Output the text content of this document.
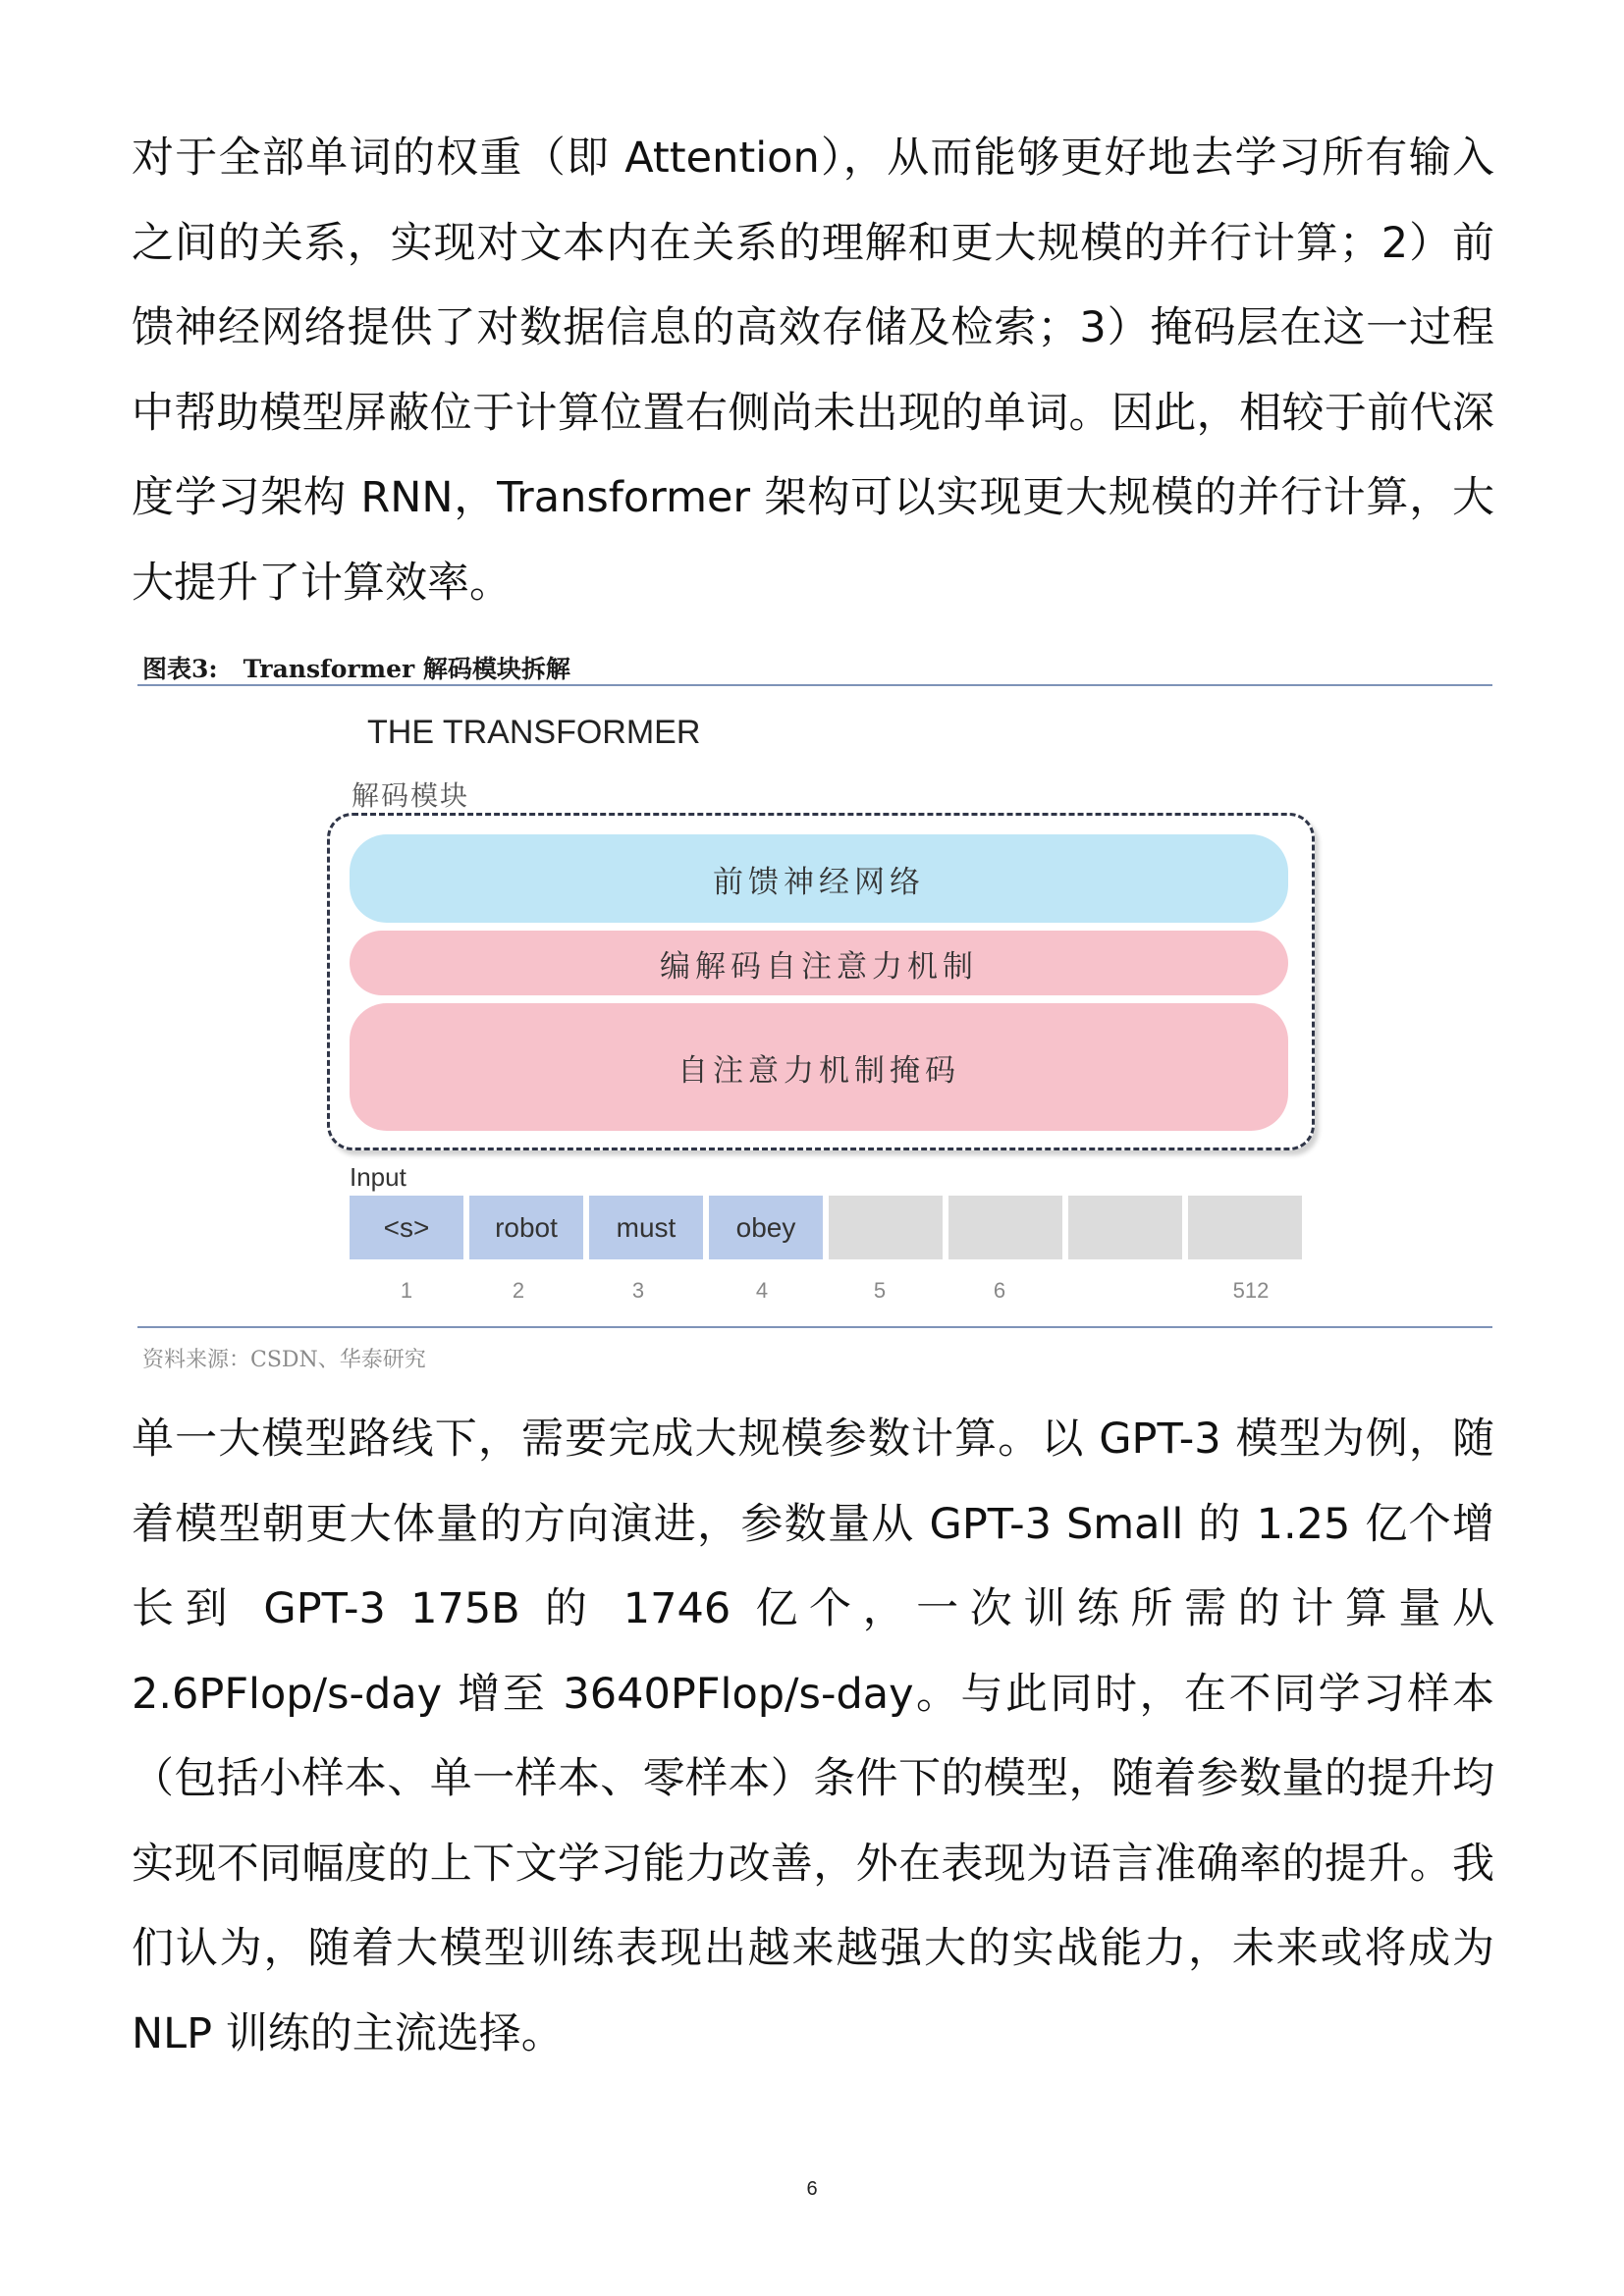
对于全部单词的权重（即 Attention），从而能够更好地去学习所有输入之间的关系，实现对文本内在关系的理解和更大规模的并行计算；2）前馈神经网络提供了对数据信息的高效存储及检索；3）掩码层在这一过程中帮助模型屏蔽位于计算位置右侧尚未出现的单词。因此，相较于前代深度学习架构 RNN，Transformer 架构可以实现更大规模的并行计算，大大提升了计算效率。

图表3: Transformer 解码模块拆解
THE TRANSFORMER
解码模块
前馈神经网络
编解码自注意力机制
自注意力机制掩码
Input
<s>	robot	must	obey
1	2	3	4	5	6	512
资料来源：CSDN、华泰研究

单一大模型路线下，需要完成大规模参数计算。以 GPT-3 模型为例，随着模型朝更大体量的方向演进，参数量从 GPT-3 Small 的 1.25 亿个增长到 GPT-3 175B 的 1746 亿个，一次训练所需的计算量从 2.6PFlop/s-day 增至 3640PFlop/s-day。与此同时，在不同学习样本（包括小样本、单一样本、零样本）条件下的模型，随着参数量的提升均实现不同幅度的上下文学习能力改善，外在表现为语言准确率的提升。我们认为，随着大模型训练表现出越来越强大的实战能力，未来或将成为 NLP 训练的主流选择。

6
